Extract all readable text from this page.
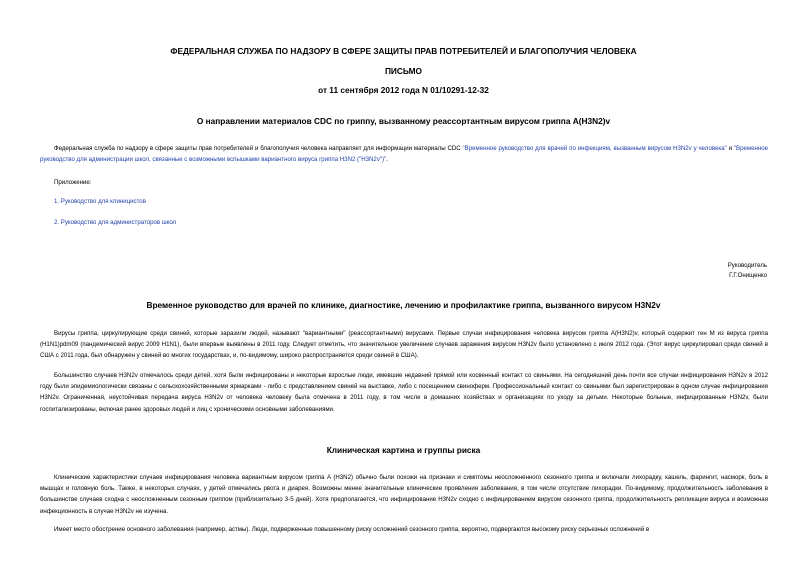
ФЕДЕРАЛЬНАЯ СЛУЖБА ПО НАДЗОРУ В СФЕРЕ ЗАЩИТЫ ПРАВ ПОТРЕБИТЕЛЕЙ И БЛАГОПОЛУЧИЯ ЧЕЛОВЕКА
ПИСЬМО
от 11 сентября 2012 года N 01/10291-12-32
О направлении материалов CDC по гриппу, вызванному реассортантным вирусом гриппа A(H3N2)v
Федеральная служба по надзору в сфере защиты прав потребителей и благополучия человека направляет для информации материалы CDC "Временное руководство для врачей по инфекциям, вызванным вирусом H3N2v у человека" и "Временное руководство для администрации школ, связанные с возможными вспышками вариантного вируса гриппа H3N2 ("H3N2v")".
Приложение:
1. Руководство для клиницистов
2. Руководство для администраторов школ
Руководитель
Г.Г.Онищенко
Временное руководство для врачей по клинике, диагностике, лечению и профилактике гриппа, вызванного вирусом H3N2v
Вирусы гриппа, циркулирующие среди свиней, которые заразили людей, называют "вариантными" (реассортантными) вирусами. Первые случаи инфицирования человека вирусом гриппа A(H3N2)v, который содержит ген M из вируса гриппа (H1N1)pdm09 (пандемический вирус 2009 H1N1), были впервые выявлены в 2011 году. Следует отметить, что значительное увеличение случаев заражения вирусом H3N2v было установлено с июля 2012 года. (Этот вирус циркулировал среди свиней в США с 2011 года, был обнаружен у свиней во многих государствах, и, по-видимому, широко распространяется среди свиней в США).
Большинство случаев H3N2v отмечалось среди детей, хотя были инфицированы и некоторые взрослые люди, имевшие недавний прямой или косвенный контакт со свиньями. На сегодняшний день почти все случаи инфицирования H3N2v в 2012 году были эпидемиологически связаны с сельскохозяйственными ярмарками - либо с представлением свиней на выставке, либо с посещением свиноферм. Профессиональный контакт со свиньями был зарегистрирован в одном случае инфицирования H3N2v. Ограниченная, неустойчивая передача вируса H3N2v от человека человеку была отмечена в 2011 году, в том числе в домашних хозяйствах и организациях по уходу за детьми. Некоторые больные, инфицированные H3N2v, были госпитализированы, включая ранее здоровых людей и лиц с хроническими основными заболеваниями.
Клиническая картина и группы риска
Клинические характеристики случаев инфицирования человека вариантным вирусом гриппа A (H3N2) обычно были похожи на признаки и симптомы неосложненного сезонного гриппа и включали лихорадку, кашель, фарингит, насморк, боль в мышцах и головную боль. Также, в некоторых случаях, у детей отмечались рвота и диарея. Возможны менее значительные клинические проявления заболевания, в том числе отсутствие лихорадки. По-видимому, продолжительность заболевания в большинстве случаев сходна с неосложненным сезонным гриппом (приблизительно 3-5 дней). Хотя предполагается, что инфицирование H3N2v сходно с инфицированием вирусом сезонного гриппа, продолжительность репликации вируса и возможная инфекционность в случае H3N2v не изучена.
Имеет место обострение основного заболевания (например, астмы). Люди, подверженные повышенному риску осложнений сезонного гриппа, вероятно, подвергаются высокому риску серьезных осложнений в
